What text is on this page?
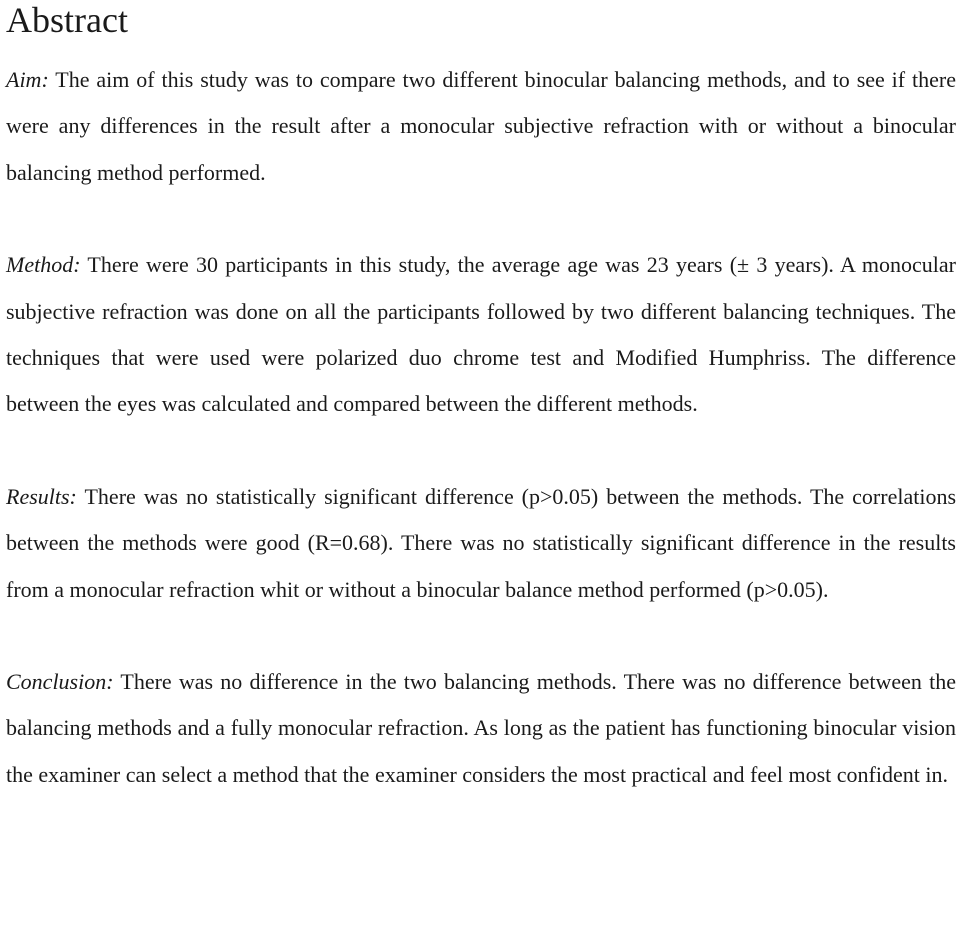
Abstract

Aim: The aim of this study was to compare two different binocular balancing methods, and to see if there were any differences in the result after a monocular subjective refraction with or without a binocular balancing method performed.

Method: There were 30 participants in this study, the average age was 23 years (± 3 years). A monocular subjective refraction was done on all the participants followed by two different balancing techniques. The techniques that were used were polarized duo chrome test and Modified Humphriss. The difference between the eyes was calculated and compared between the different methods.

Results: There was no statistically significant difference (p>0.05) between the methods. The correlations between the methods were good (R=0.68). There was no statistically significant difference in the results from a monocular refraction whit or without a binocular balance method performed (p>0.05).

Conclusion: There was no difference in the two balancing methods. There was no difference between the balancing methods and a fully monocular refraction. As long as the patient has functioning binocular vision the examiner can select a method that the examiner considers the most practical and feel most confident in.
